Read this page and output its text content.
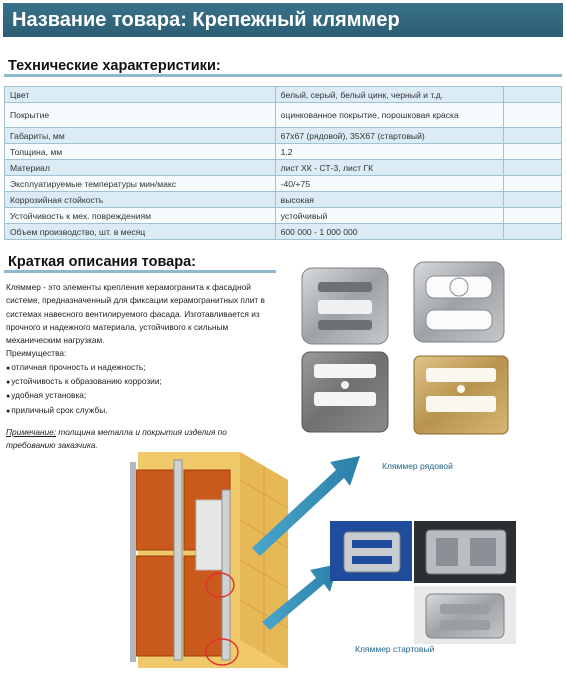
Название товара: Крепежный кляммер
Технические характеристики:
Цвет	белый, серый, белый цинк, черный и т.д.	
Покрытие	оцинкованное покрытие, порошковая краска	
Габариты, мм	67x67 (рядовой), 35Х67 (стартовый)	
Толщина, мм	1.2	
Материал	лист ХК - СТ-3, лист ГК	
Эксплуатируемые температуры мин/макс	-40/+75	
Коррозийная стойкость	высокая	
Устойчивость к мех. повреждениям	устойчивый	
Объем производство, шт. в месяц	600 000 - 1 000 000	
Краткая описания товара:

Кляммер - это элементы крепления керамогранита к фасадной системе, предназначенный для фиксации керамогранитных плит в системах навесного вентилируемого фасада. Изготавливается из прочного и надежного материала, устойчивого к сильным механическим нагрузкам.

Преимущества:

● отличная прочность и надежность;
● устойчивость к образованию коррозии;
● удобная установка;
● приличный срок службы.
Примечание: толщина металла и покрытия изделия по требованию заказчика.
Кляммер рядовой
Кляммер стартовый
